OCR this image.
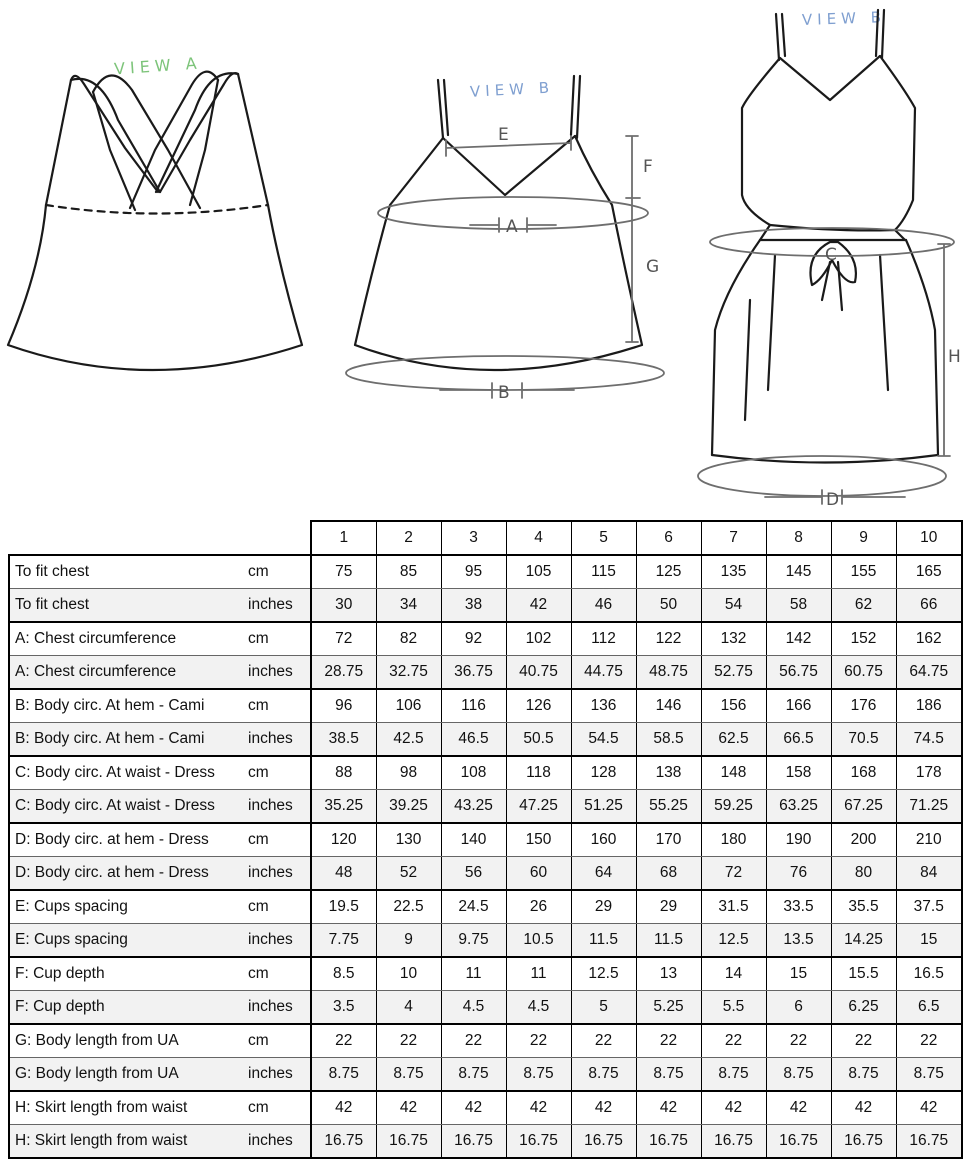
VIEW A
VIEW B
E
F
G
A
B
VIEW B
C
H
D
		1	2	3	4	5	6	7	8	9	10
To fit chest	cm	75	85	95	105	115	125	135	145	155	165
To fit chest	inches	30	34	38	42	46	50	54	58	62	66
A: Chest circumference	cm	72	82	92	102	112	122	132	142	152	162
A: Chest circumference	inches	28.75	32.75	36.75	40.75	44.75	48.75	52.75	56.75	60.75	64.75
B: Body circ. At hem - Cami	cm	96	106	116	126	136	146	156	166	176	186
B: Body circ. At hem - Cami	inches	38.5	42.5	46.5	50.5	54.5	58.5	62.5	66.5	70.5	74.5
C: Body circ. At waist - Dress	cm	88	98	108	118	128	138	148	158	168	178
C: Body circ. At waist - Dress	inches	35.25	39.25	43.25	47.25	51.25	55.25	59.25	63.25	67.25	71.25
D: Body circ. at hem - Dress	cm	120	130	140	150	160	170	180	190	200	210
D: Body circ. at hem - Dress	inches	48	52	56	60	64	68	72	76	80	84
E: Cups spacing	cm	19.5	22.5	24.5	26	29	29	31.5	33.5	35.5	37.5
E: Cups spacing	inches	7.75	9	9.75	10.5	11.5	11.5	12.5	13.5	14.25	15
F: Cup depth	cm	8.5	10	11	11	12.5	13	14	15	15.5	16.5
F: Cup depth	inches	3.5	4	4.5	4.5	5	5.25	5.5	6	6.25	6.5
G: Body length from UA	cm	22	22	22	22	22	22	22	22	22	22
G: Body length from UA	inches	8.75	8.75	8.75	8.75	8.75	8.75	8.75	8.75	8.75	8.75
H: Skirt length from waist	cm	42	42	42	42	42	42	42	42	42	42
H: Skirt length from waist	inches	16.75	16.75	16.75	16.75	16.75	16.75	16.75	16.75	16.75	16.75
